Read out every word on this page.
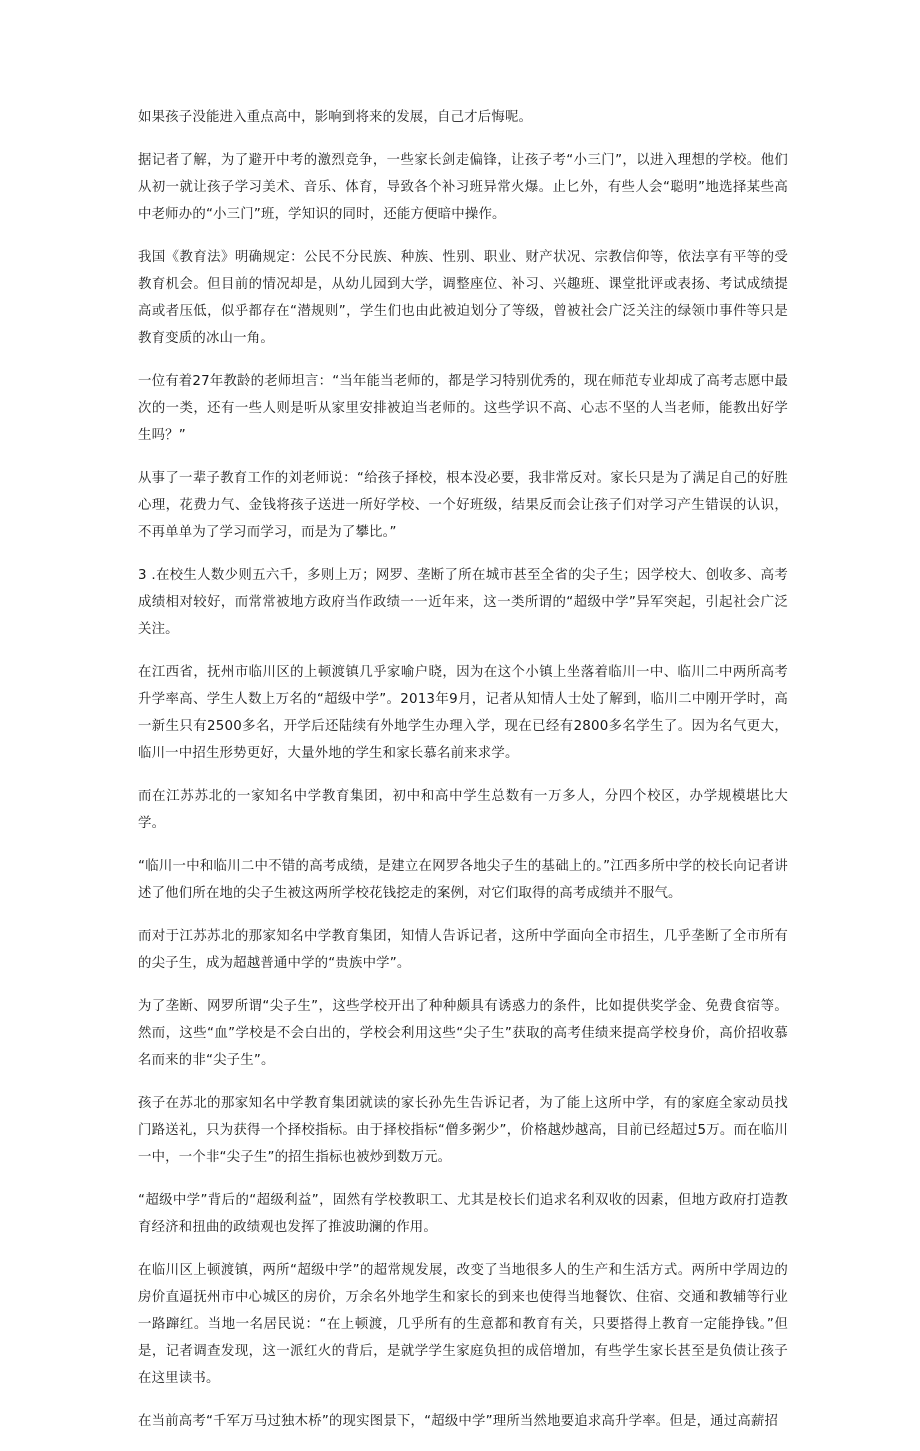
如果孩子没能进入重点高中，影响到将来的发展，自己才后悔呢。

据记者了解，为了避开中考的激烈竞争，一些家长剑走偏锋，让孩子考“小三门”，以进入理想的学校。他们从初一就让孩子学习美术、音乐、体育，导致各个补习班异常火爆。止匕外，有些人会“聪明”地选择某些高中老师办的“小三门”班，学知识的同时，还能方便暗中操作。

我国《教育法》明确规定：公民不分民族、种族、性别、职业、财产状况、宗教信仰等，依法享有平等的受教育机会。但目前的情况却是，从幼儿园到大学，调整座位、补习、兴趣班、课堂批评或表扬、考试成绩提高或者压低，似乎都存在“潜规则”，学生们也由此被迫划分了等级，曾被社会广泛关注的绿领巾事件等只是教育变质的冰山一角。

一位有着27年教龄的老师坦言：“当年能当老师的，都是学习特别优秀的，现在师范专业却成了高考志愿中最次的一类，还有一些人则是听从家里安排被迫当老师的。这些学识不高、心志不坚的人当老师，能教出好学生吗？”

从事了一辈子教育工作的刘老师说：“给孩子择校，根本没必要，我非常反对。家长只是为了满足自己的好胜心理，花费力气、金钱将孩子送进一所好学校、一个好班级，结果反而会让孩子们对学习产生错误的认识，不再单单为了学习而学习，而是为了攀比。”

3 .在校生人数少则五六千，多则上万；网罗、垄断了所在城市甚至全省的尖子生；因学校大、创收多、高考成绩相对较好，而常常被地方政府当作政绩一一近年来，这一类所谓的“超级中学”异军突起，引起社会广泛关注。

在江西省，抚州市临川区的上顿渡镇几乎家喻户晓，因为在这个小镇上坐落着临川一中、临川二中两所高考升学率高、学生人数上万名的“超级中学”。2013年9月，记者从知情人士处了解到，临川二中刚开学时，高一新生只有2500多名，开学后还陆续有外地学生办理入学，现在已经有2800多名学生了。因为名气更大，临川一中招生形势更好，大量外地的学生和家长慕名前来求学。

而在江苏苏北的一家知名中学教育集团，初中和高中学生总数有一万多人，分四个校区，办学规模堪比大学。

“临川一中和临川二中不错的高考成绩，是建立在网罗各地尖子生的基础上的。”江西多所中学的校长向记者讲述了他们所在地的尖子生被这两所学校花钱挖走的案例，对它们取得的高考成绩并不服气。

而对于江苏苏北的那家知名中学教育集团，知情人告诉记者，这所中学面向全市招生，几乎垄断了全市所有的尖子生，成为超越普通中学的“贵族中学”。

为了垄断、网罗所谓“尖子生”，这些学校开出了种种颇具有诱惑力的条件，比如提供奖学金、免费食宿等。然而，这些“血”学校是不会白出的，学校会利用这些“尖子生”获取的高考佳绩来提高学校身价，高价招收慕名而来的非“尖子生”。

孩子在苏北的那家知名中学教育集团就读的家长孙先生告诉记者，为了能上这所中学，有的家庭全家动员找门路送礼，只为获得一个择校指标。由于择校指标“僧多粥少”，价格越炒越高，目前已经超过5万。而在临川一中，一个非“尖子生”的招生指标也被炒到数万元。

“超级中学”背后的“超级利益”，固然有学校教职工、尤其是校长们追求名利双收的因素，但地方政府打造教育经济和扭曲的政绩观也发挥了推波助澜的作用。

在临川区上顿渡镇，两所“超级中学”的超常规发展，改变了当地很多人的生产和生活方式。两所中学周边的房价直逼抚州市中心城区的房价，万余名外地学生和家长的到来也使得当地餐饮、住宿、交通和教辅等行业一路蹿红。当地一名居民说：“在上顿渡，几乎所有的生意都和教育有关，只要搭得上教育一定能挣钱。”但是，记者调查发现，这一派红火的背后，是就学学生家庭负担的成倍增加，有些学生家长甚至是负债让孩子在这里读书。

在当前高考“千军万马过独木桥”的现实图景下，“超级中学”理所当然地要追求高升学率。但是，通过高薪招
